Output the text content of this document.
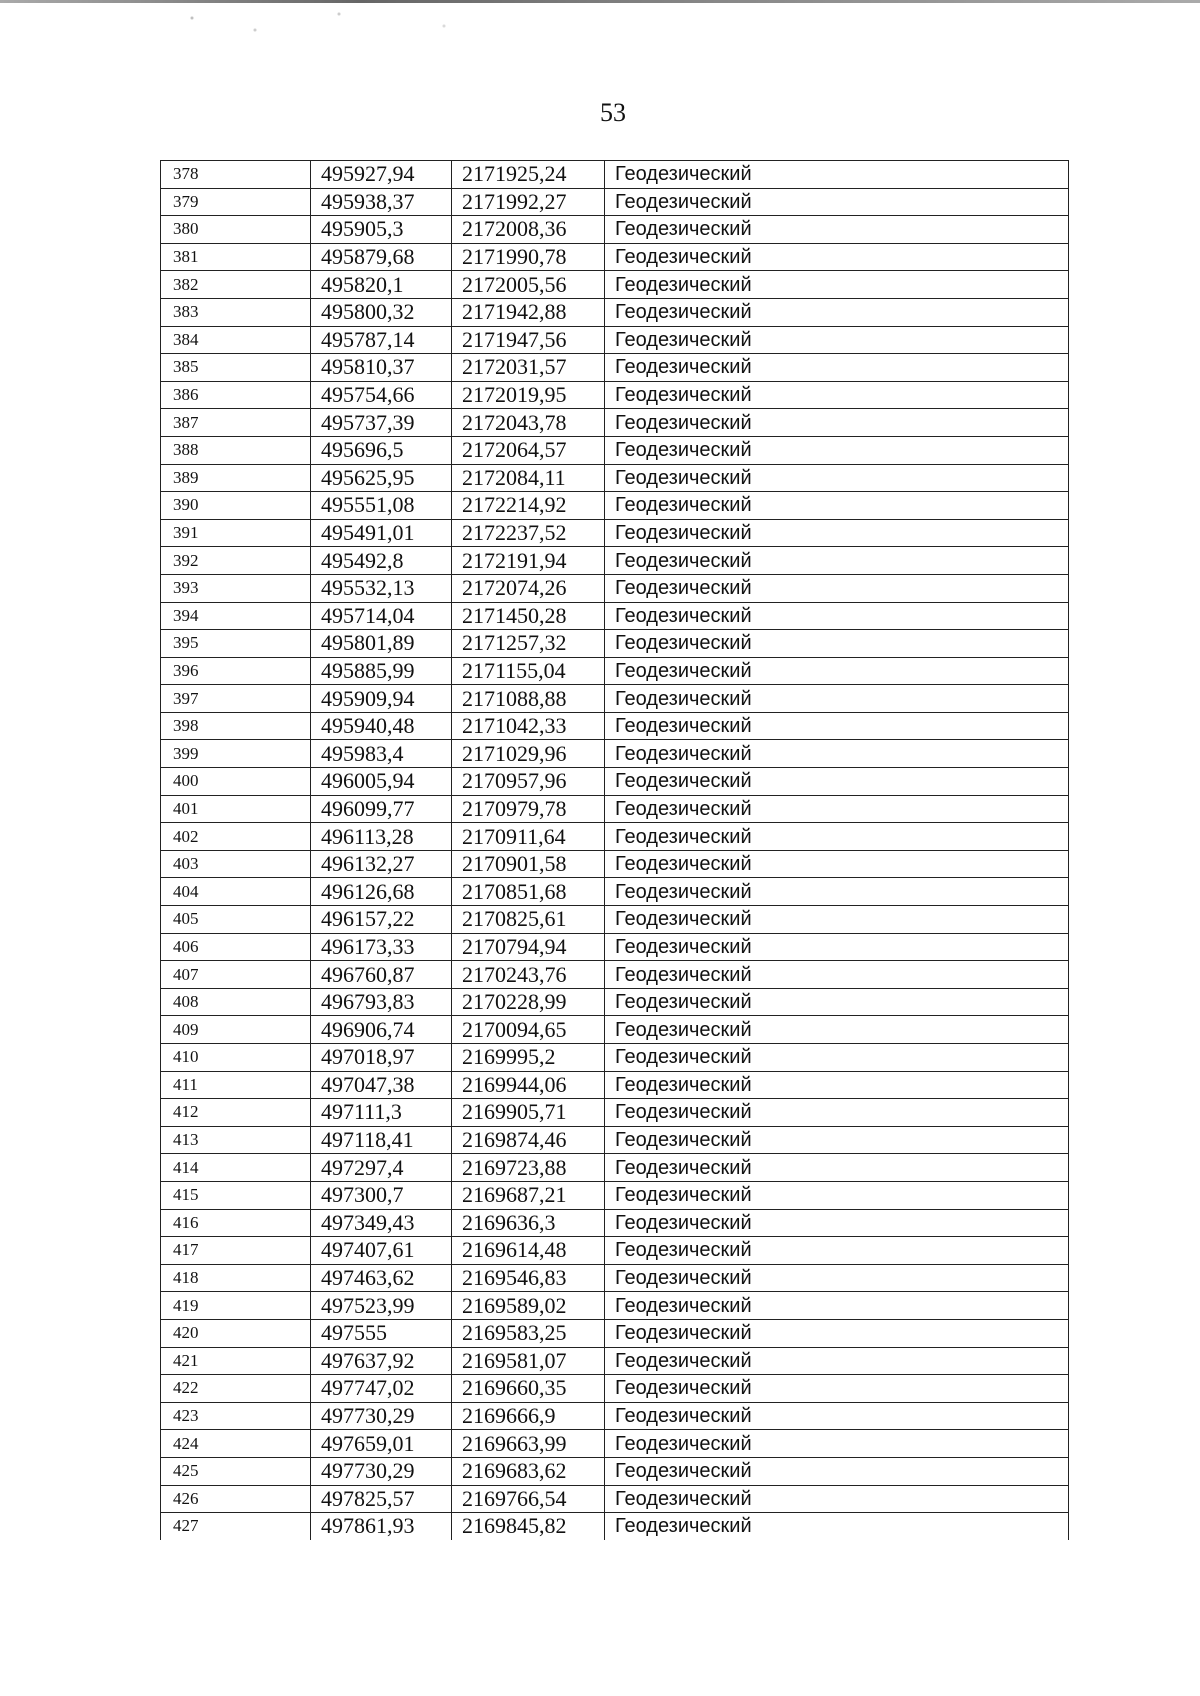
53
378	495927,94	2171925,24	Геодезический
379	495938,37	2171992,27	Геодезический
380	495905,3	2172008,36	Геодезический
381	495879,68	2171990,78	Геодезический
382	495820,1	2172005,56	Геодезический
383	495800,32	2171942,88	Геодезический
384	495787,14	2171947,56	Геодезический
385	495810,37	2172031,57	Геодезический
386	495754,66	2172019,95	Геодезический
387	495737,39	2172043,78	Геодезический
388	495696,5	2172064,57	Геодезический
389	495625,95	2172084,11	Геодезический
390	495551,08	2172214,92	Геодезический
391	495491,01	2172237,52	Геодезический
392	495492,8	2172191,94	Геодезический
393	495532,13	2172074,26	Геодезический
394	495714,04	2171450,28	Геодезический
395	495801,89	2171257,32	Геодезический
396	495885,99	2171155,04	Геодезический
397	495909,94	2171088,88	Геодезический
398	495940,48	2171042,33	Геодезический
399	495983,4	2171029,96	Геодезический
400	496005,94	2170957,96	Геодезический
401	496099,77	2170979,78	Геодезический
402	496113,28	2170911,64	Геодезический
403	496132,27	2170901,58	Геодезический
404	496126,68	2170851,68	Геодезический
405	496157,22	2170825,61	Геодезический
406	496173,33	2170794,94	Геодезический
407	496760,87	2170243,76	Геодезический
408	496793,83	2170228,99	Геодезический
409	496906,74	2170094,65	Геодезический
410	497018,97	2169995,2	Геодезический
411	497047,38	2169944,06	Геодезический
412	497111,3	2169905,71	Геодезический
413	497118,41	2169874,46	Геодезический
414	497297,4	2169723,88	Геодезический
415	497300,7	2169687,21	Геодезический
416	497349,43	2169636,3	Геодезический
417	497407,61	2169614,48	Геодезический
418	497463,62	2169546,83	Геодезический
419	497523,99	2169589,02	Геодезический
420	497555	2169583,25	Геодезический
421	497637,92	2169581,07	Геодезический
422	497747,02	2169660,35	Геодезический
423	497730,29	2169666,9	Геодезический
424	497659,01	2169663,99	Геодезический
425	497730,29	2169683,62	Геодезический
426	497825,57	2169766,54	Геодезический
427	497861,93	2169845,82	Геодезический
